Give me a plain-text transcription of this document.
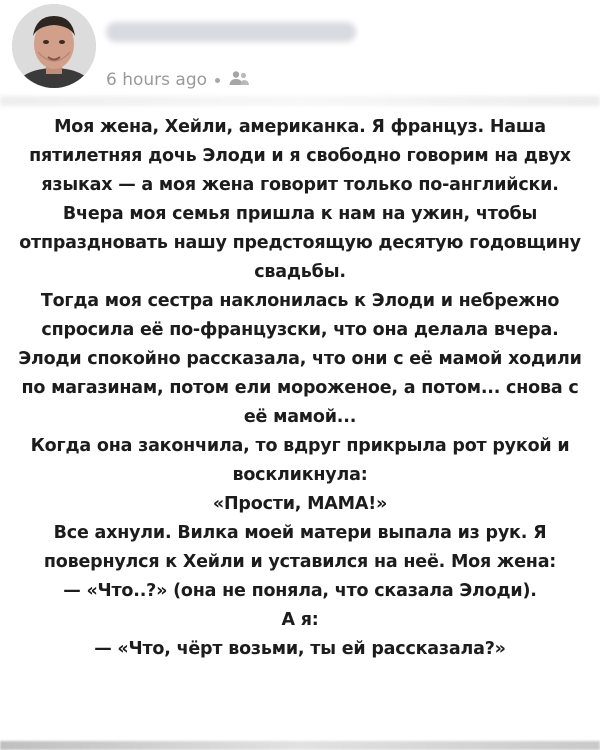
6 hours ago

Моя жена, Хейли, американка. Я француз. Наша пятилетняя дочь Элоди и я свободно говорим на двух языках — а моя жена говорит только по-английски.

Вчера моя семья пришла к нам на ужин, чтобы отпраздновать нашу предстоящую десятую годовщину свадьбы.

Тогда моя сестра наклонилась к Элоди и небрежно спросила её по-французски, что она делала вчера. Элоди спокойно рассказала, что они с её мамой ходили по магазинам, потом ели мороженое, а потом... снова с её мамой...

Когда она закончила, то вдруг прикрыла рот рукой и воскликнула:

«Прости, МАМА!»

Все ахнули. Вилка моей матери выпала из рук. Я повернулся к Хейли и уставился на неё. Моя жена:

— «Что..?» (она не поняла, что сказала Элоди).

А я:

— «Что, чёрт возьми, ты ей рассказала?»
